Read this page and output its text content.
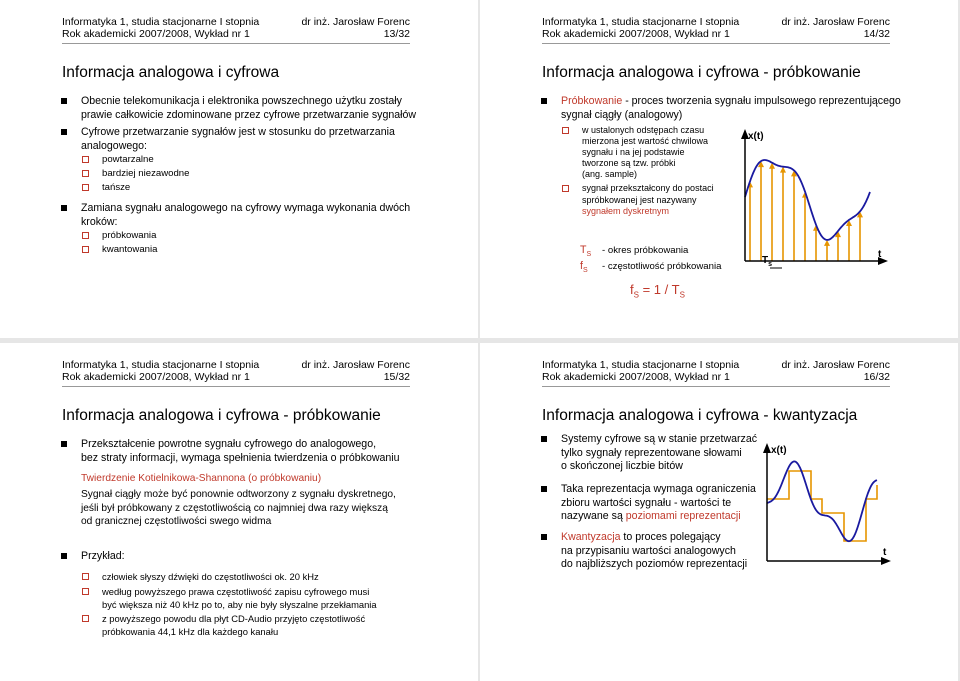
Informatyka 1, studia stacjonarne I stopnia
Rok akademicki 2007/2008, Wykład nr 1
dr inż. Jarosław Forenc
13/32
Informacja analogowa i cyfrowa
Obecnie telekomunikacja i elektronika powszechnego użytku zostały
prawie całkowicie zdominowane przez cyfrowe przetwarzanie sygnałów
Cyfrowe przetwarzanie sygnałów jest w stosunku do przetwarzania
analogowego:
powtarzalne
bardziej niezawodne
tańsze
Zamiana sygnału analogowego na cyfrowy wymaga wykonania dwóch
kroków:
próbkowania
kwantowania
Informatyka 1, studia stacjonarne I stopnia
Rok akademicki 2007/2008, Wykład nr 1
dr inż. Jarosław Forenc
14/32
Informacja analogowa i cyfrowa - próbkowanie
Próbkowanie - proces tworzenia sygnału impulsowego reprezentującego
sygnał ciągły (analogowy)
w ustalonych odstępach czasu
mierzona jest wartość chwilowa
sygnału i na jej podstawie
tworzone są tzw. próbki
(ang. sample)
sygnał przekształcony do postaci
spróbkowanej jest nazywany
sygnałem dyskretnym
$T_S$ - okres próbkowania
$f_S$ - częstotliwość próbkowania
$f_S = 1 / T_S$
x(t)
t
$T_s$
Informatyka 1, studia stacjonarne I stopnia
Rok akademicki 2007/2008, Wykład nr 1
dr inż. Jarosław Forenc
15/32
Informacja analogowa i cyfrowa - próbkowanie
Przekształcenie powrotne sygnału cyfrowego do analogowego,
bez straty informacji, wymaga spełnienia twierdzenia o próbkowaniu
Twierdzenie Kotielnikowa-Shannona (o próbkowaniu)
Sygnał ciągły może być ponownie odtworzony z sygnału dyskretnego,
jeśli był próbkowany z częstotliwością co najmniej dwa razy większą
od granicznej częstotliwości swego widma
Przykład:
człowiek słyszy dźwięki do częstotliwości ok. 20 kHz
według powyższego prawa częstotliwość zapisu cyfrowego musi
być większa niż 40 kHz po to, aby nie były słyszalne przekłamania
z powyższego powodu dla płyt CD-Audio przyjęto częstotliwość
próbkowania 44,1 kHz dla każdego kanału
Informatyka 1, studia stacjonarne I stopnia
Rok akademicki 2007/2008, Wykład nr 1
dr inż. Jarosław Forenc
16/32
Informacja analogowa i cyfrowa - kwantyzacja
Systemy cyfrowe są w stanie przetwarzać
tylko sygnały reprezentowane słowami
o skończonej liczbie bitów
Taka reprezentacja wymaga ograniczenia
zbioru wartości sygnału - wartości te
nazywane są poziomami reprezentacji
Kwantyzacja to proces polegający
na przypisaniu wartości analogowych
do najbliższych poziomów reprezentacji
x(t)
t
